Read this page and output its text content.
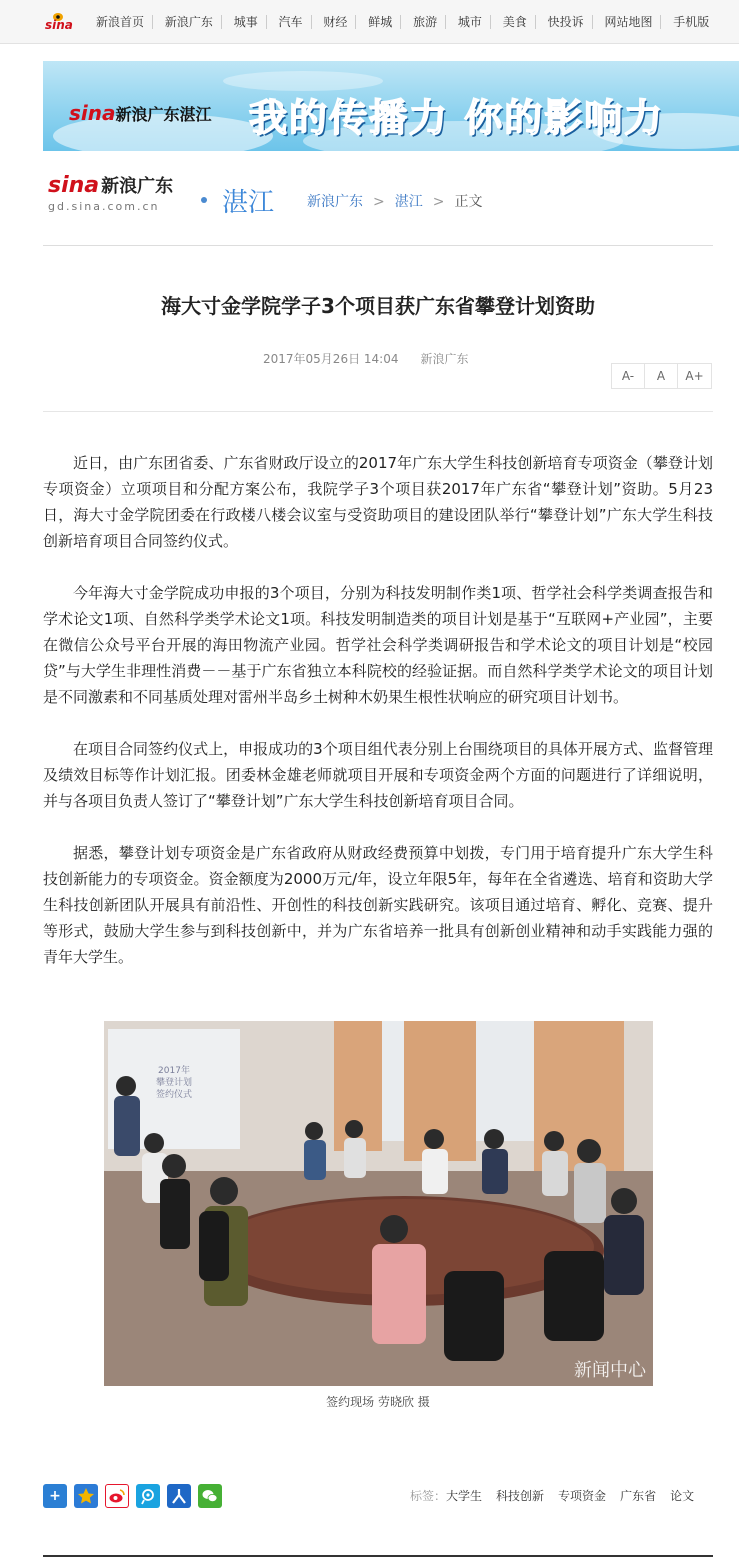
sina	新浪首页 新浪广东 城事 汽车 财经 鲜城 旅游 城市 美食 快投诉 网站地图 手机版
sina新浪广东湛江 我的传播力 你的影响力
sina 新浪广东
gd.sina.com.cn	湛江 新浪广东 > 湛江 > 正文
海大寸金学院学子3个项目获广东省攀登计划资助
2017年05月26日 14:04 新浪广东
A-	A	A+

近日，由广东团省委、广东省财政厅设立的2017年广东大学生科技创新培育专项资金（攀登计划专项资金）立项项目和分配方案公布，我院学子3个项目获2017年广东省“攀登计划”资助。5月23日，海大寸金学院团委在行政楼八楼会议室与受资助项目的建设团队举行“攀登计划”广东大学生科技创新培育项目合同签约仪式。

今年海大寸金学院成功申报的3个项目，分别为科技发明制作类1项、哲学社会科学类调查报告和学术论文1项、自然科学类学术论文1项。科技发明制造类的项目计划是基于“互联网+产业园”，主要在微信公众号平台开展的海田物流产业园。哲学社会科学类调研报告和学术论文的项目计划是“校园贷”与大学生非理性消费－－基于广东省独立本科院校的经验证据。而自然科学类学术论文的项目计划是不同激素和不同基质处理对雷州半岛乡土树种木奶果生根性状响应的研究项目计划书。

在项目合同签约仪式上，申报成功的3个项目组代表分别上台围绕项目的具体开展方式、监督管理及绩效目标等作计划汇报。团委林金雄老师就项目开展和专项资金两个方面的问题进行了详细说明，并与各项目负责人签订了“攀登计划”广东大学生科技创新培育项目合同。

据悉，攀登计划专项资金是广东省政府从财政经费预算中划拨，专门用于培育提升广东大学生科技创新能力的专项资金。资金额度为2000万元/年，设立年限5年，每年在全省遴选、培育和资助大学生科技创新团队开展具有前沿性、开创性的科技创新实践研究。该项目通过培育、孵化、竞赛、提升等形式，鼓励大学生参与到科技创新中，并为广东省培养一批具有创新创业精神和动手实践能力强的青年大学生。

2017年攀登计划签约仪式
新闻中心
签约现场 劳晓欣 摄
+	标签：大学生 科技创新 专项资金 广东省 论文
